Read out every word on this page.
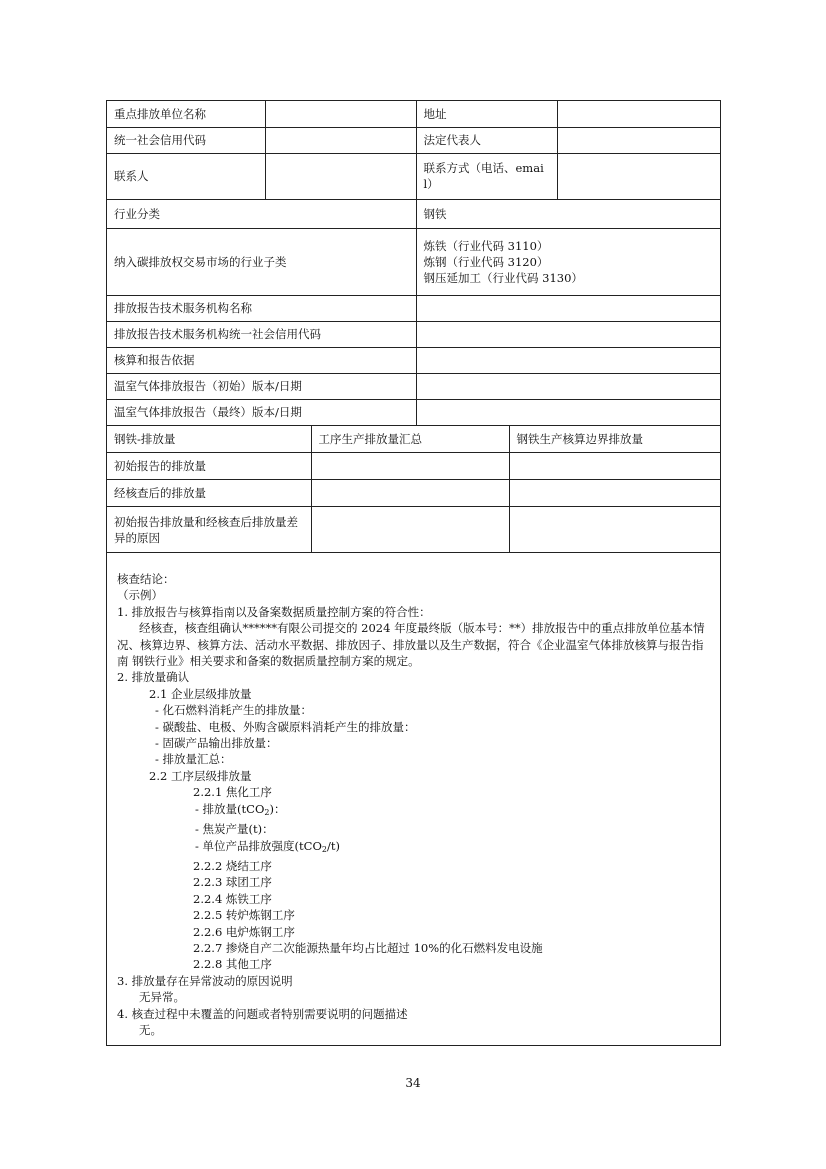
重点排放单位名称		地址	
统一社会信用代码		法定代表人	
联系人		联系方式（电话、email）	
行业分类		钢铁	
纳入碳排放权交易市场的行业子类		炼铁（行业代码 3110）
炼钢（行业代码 3120）
钢压延加工（行业代码 3130）	

排放报告技术服务机构名称			
排放报告技术服务机构统一社会信用代码			
核算和报告依据			
温室气体排放报告（初始）版本/日期			
温室气体排放报告（最终）版本/日期			
钢铁-排放量	工序生产排放量汇总	钢铁生产核算边界排放量
初始报告的排放量		
经核查后的排放量		
初始报告排放量和经核查后排放量差异的原因		
核查结论：
（示例）
1. 排放报告与核算指南以及备案数据质量控制方案的符合性：
经核查，核查组确认******有限公司提交的 2024 年度最终版（版本号：**）排放报告中的重点排放单位基本情况、核算边界、核算方法、活动水平数据、排放因子、排放量以及生产数据，符合《企业温室气体排放核算与报告指南 钢铁行业》相关要求和备案的数据质量控制方案的规定。
2. 排放量确认
2.1 企业层级排放量
- 化石燃料消耗产生的排放量：
- 碳酸盐、电极、外购含碳原料消耗产生的排放量：
- 固碳产品输出排放量：
- 排放量汇总：
2.2 工序层级排放量
2.2.1 焦化工序
- 排放量(tCO$_2$)：
- 焦炭产量(t)：
- 单位产品排放强度(tCO$_2$/t)
2.2.2 烧结工序
2.2.3 球团工序
2.2.4 炼铁工序
2.2.5 转炉炼钢工序
2.2.6 电炉炼钢工序
2.2.7 掺烧自产二次能源热量年均占比超过 10%的化石燃料发电设施
2.2.8 其他工序
3. 排放量存在异常波动的原因说明
无异常。
4. 核查过程中未覆盖的问题或者特别需要说明的问题描述
无。
34
